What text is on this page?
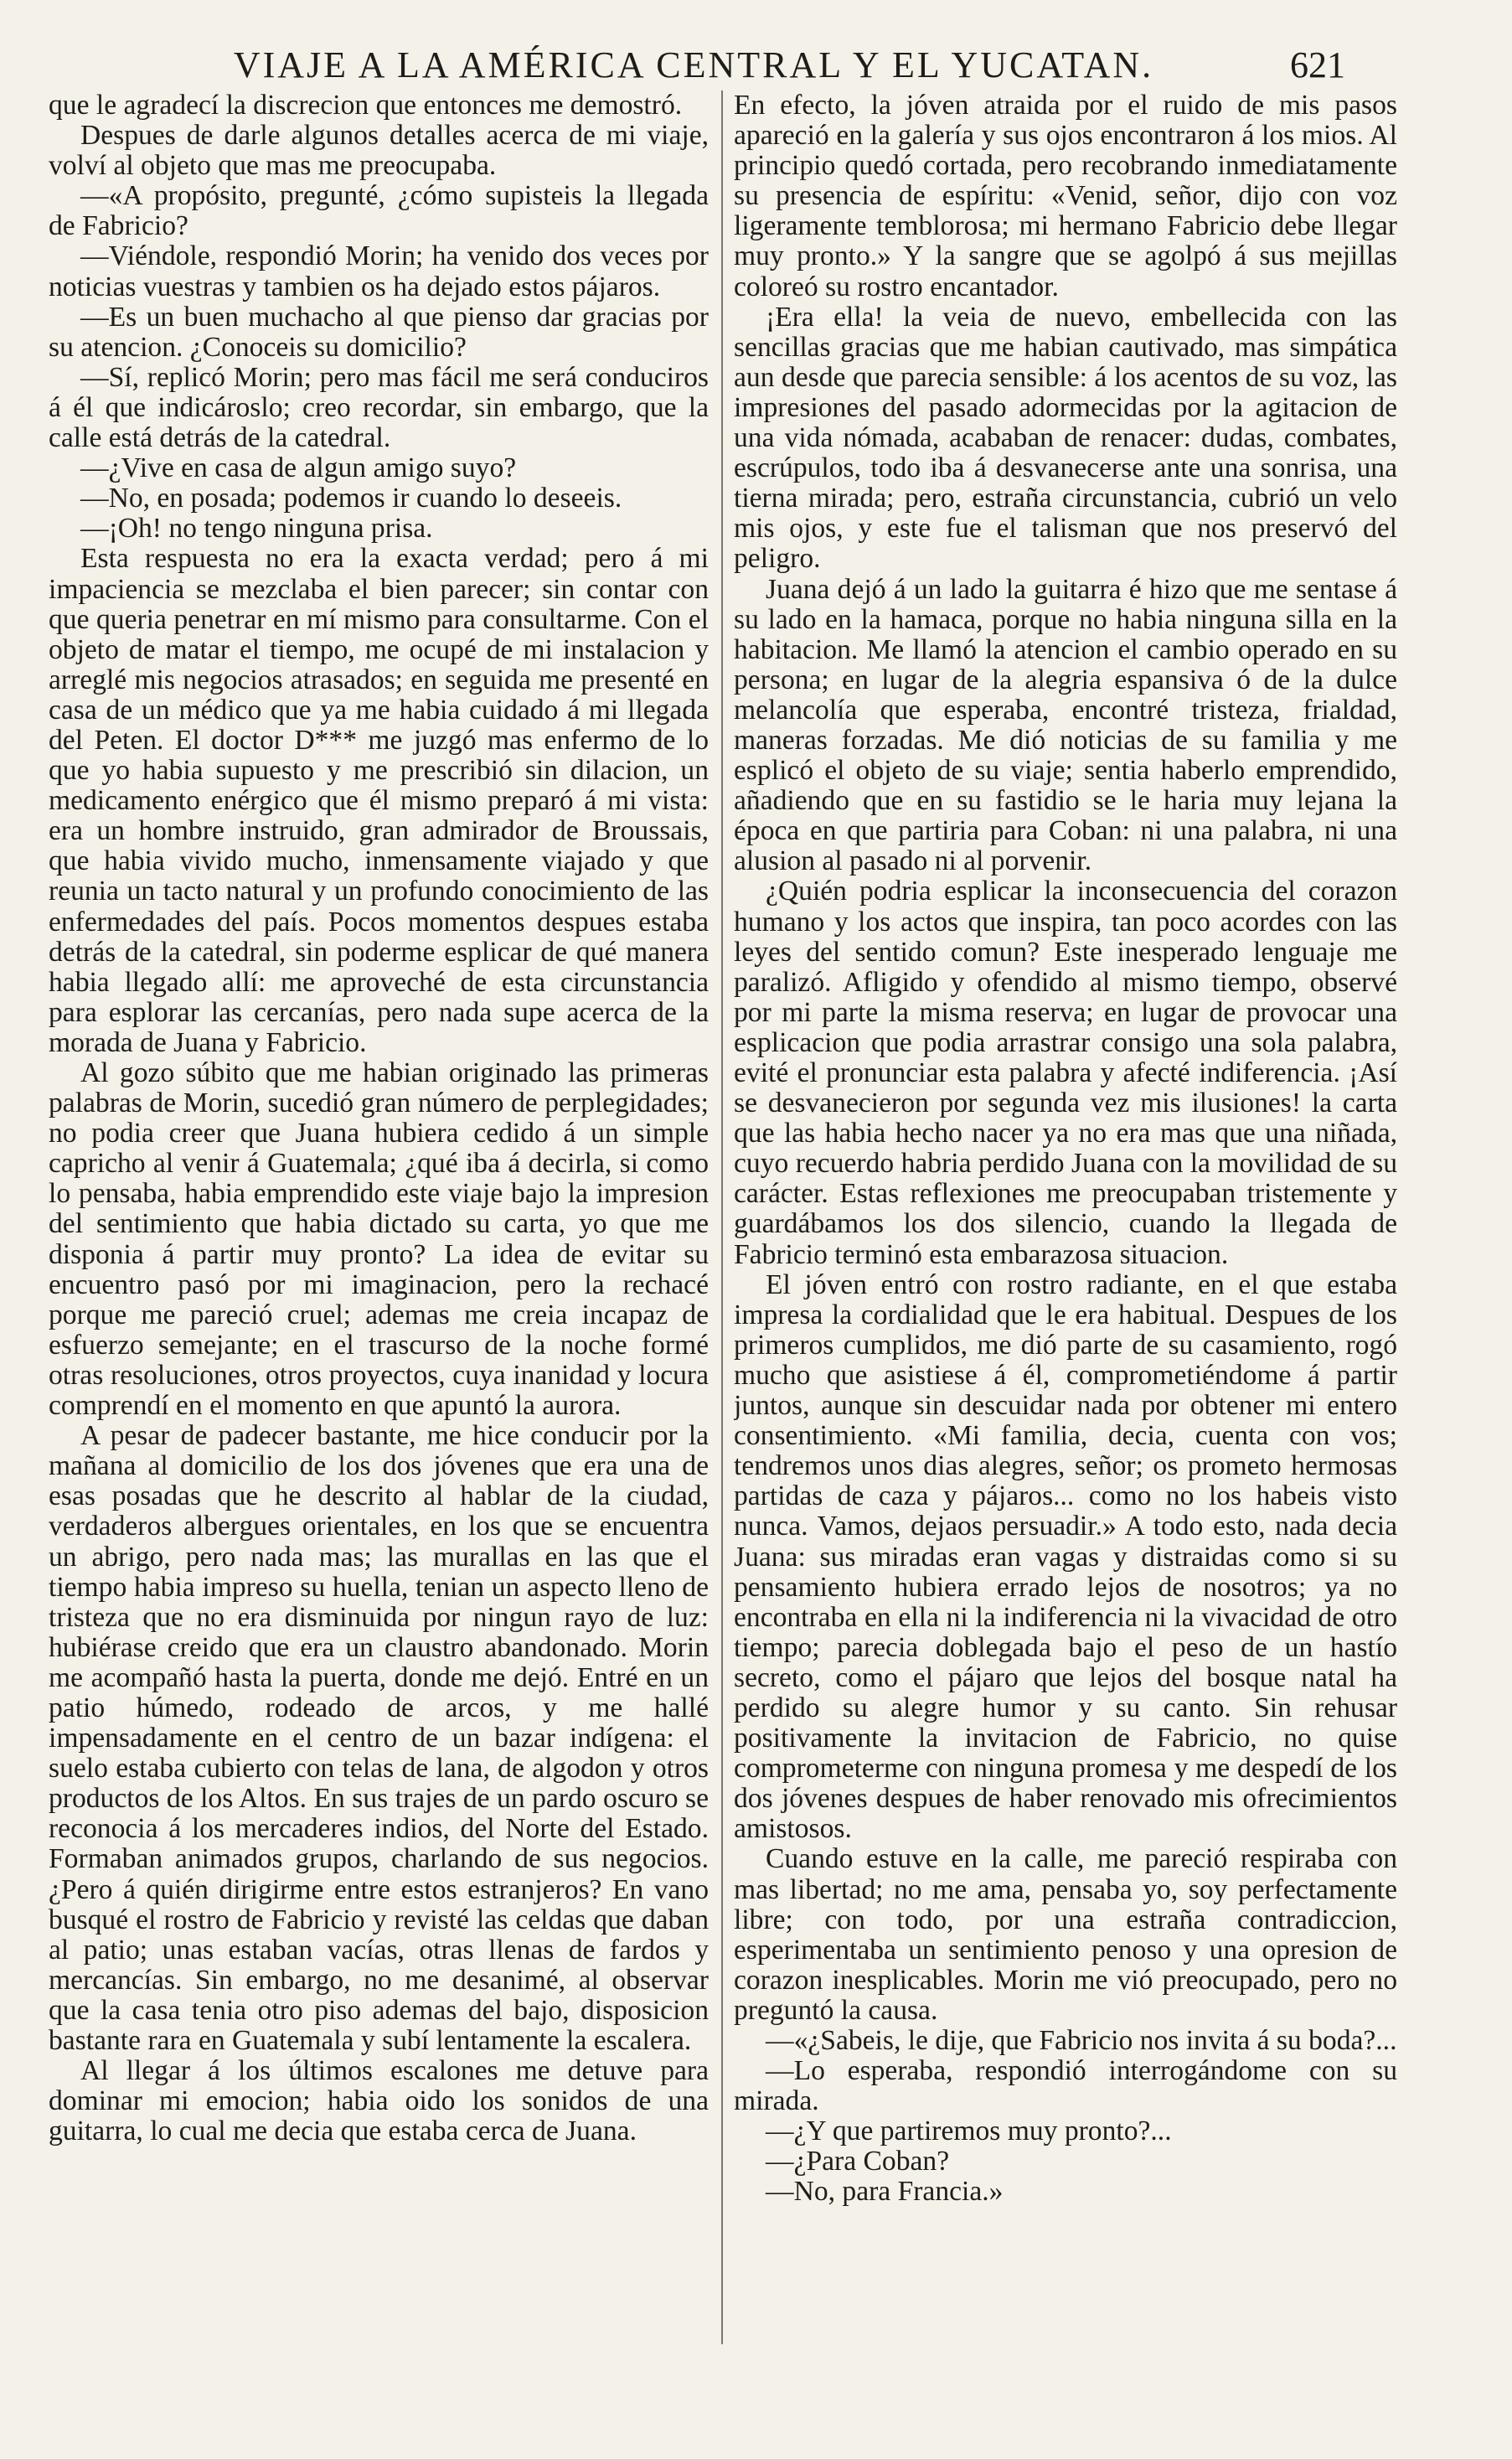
VIAJE A LA AMÉRICA CENTRAL Y EL YUCATAN.	621

que le agradecí la discrecion que entonces me demostró.

Despues de darle algunos detalles acerca de mi viaje, volví al objeto que mas me preocupaba.

—«A propósito, pregunté, ¿cómo supisteis la llegada de Fabricio?

—Viéndole, respondió Morin; ha venido dos veces por noticias vuestras y tambien os ha dejado estos pájaros.

—Es un buen muchacho al que pienso dar gracias por su atencion. ¿Conoceis su domicilio?

—Sí, replicó Morin; pero mas fácil me será conduciros á él que indicároslo; creo recordar, sin embargo, que la calle está detrás de la catedral.

—¿Vive en casa de algun amigo suyo?

—No, en posada; podemos ir cuando lo deseeis.

—¡Oh! no tengo ninguna prisa.

Esta respuesta no era la exacta verdad; pero á mi impaciencia se mezclaba el bien parecer; sin contar con que queria penetrar en mí mismo para consultarme. Con el objeto de matar el tiempo, me ocupé de mi instalacion y arreglé mis negocios atrasados; en seguida me presenté en casa de un médico que ya me habia cuidado á mi llegada del Peten. El doctor D*** me juzgó mas enfermo de lo que yo habia supuesto y me prescribió sin dilacion, un medicamento enérgico que él mismo preparó á mi vista: era un hombre instruido, gran admirador de Broussais, que habia vivido mucho, inmensamente viajado y que reunia un tacto natural y un profundo conocimiento de las enfermedades del país. Pocos momentos despues estaba detrás de la catedral, sin poderme esplicar de qué manera habia llegado allí: me aproveché de esta circunstancia para esplorar las cercanías, pero nada supe acerca de la morada de Juana y Fabricio.

Al gozo súbito que me habian originado las primeras palabras de Morin, sucedió gran número de perplegidades; no podia creer que Juana hubiera cedido á un simple capricho al venir á Guatemala; ¿qué iba á decirla, si como lo pensaba, habia emprendido este viaje bajo la impresion del sentimiento que habia dictado su carta, yo que me disponia á partir muy pronto? La idea de evitar su encuentro pasó por mi imaginacion, pero la rechacé porque me pareció cruel; ademas me creia incapaz de esfuerzo semejante; en el trascurso de la noche formé otras resoluciones, otros proyectos, cuya inanidad y locura comprendí en el momento en que apuntó la aurora.

A pesar de padecer bastante, me hice conducir por la mañana al domicilio de los dos jóvenes que era una de esas posadas que he descrito al hablar de la ciudad, verdaderos albergues orientales, en los que se encuentra un abrigo, pero nada mas; las murallas en las que el tiempo habia impreso su huella, tenian un aspecto lleno de tristeza que no era disminuida por ningun rayo de luz: hubiérase creido que era un claustro abandonado. Morin me acompañó hasta la puerta, donde me dejó. Entré en un patio húmedo, rodeado de arcos, y me hallé impensadamente en el centro de un bazar indígena: el suelo estaba cubierto con telas de lana, de algodon y otros productos de los Altos. En sus trajes de un pardo oscuro se reconocia á los mercaderes indios, del Norte del Estado. Formaban animados grupos, charlando de sus negocios. ¿Pero á quién dirigirme entre estos estranjeros? En vano busqué el rostro de Fabricio y revisté las celdas que daban al patio; unas estaban vacías, otras llenas de fardos y mercancías. Sin embargo, no me desanimé, al observar que la casa tenia otro piso ademas del bajo, disposicion bastante rara en Guatemala y subí lentamente la escalera.

Al llegar á los últimos escalones me detuve para dominar mi emocion; habia oido los sonidos de una guitarra, lo cual me decia que estaba cerca de Juana.

En efecto, la jóven atraida por el ruido de mis pasos apareció en la galería y sus ojos encontraron á los mios. Al principio quedó cortada, pero recobrando inmediatamente su presencia de espíritu: «Venid, señor, dijo con voz ligeramente temblorosa; mi hermano Fabricio debe llegar muy pronto.» Y la sangre que se agolpó á sus mejillas coloreó su rostro encantador.

¡Era ella! la veia de nuevo, embellecida con las sencillas gracias que me habian cautivado, mas simpática aun desde que parecia sensible: á los acentos de su voz, las impresiones del pasado adormecidas por la agitacion de una vida nómada, acababan de renacer: dudas, combates, escrúpulos, todo iba á desvanecerse ante una sonrisa, una tierna mirada; pero, estraña circunstancia, cubrió un velo mis ojos, y este fue el talisman que nos preservó del peligro.

Juana dejó á un lado la guitarra é hizo que me sentase á su lado en la hamaca, porque no habia ninguna silla en la habitacion. Me llamó la atencion el cambio operado en su persona; en lugar de la alegria espansiva ó de la dulce melancolía que esperaba, encontré tristeza, frialdad, maneras forzadas. Me dió noticias de su familia y me esplicó el objeto de su viaje; sentia haberlo emprendido, añadiendo que en su fastidio se le haria muy lejana la época en que partiria para Coban: ni una palabra, ni una alusion al pasado ni al porvenir.

¿Quién podria esplicar la inconsecuencia del corazon humano y los actos que inspira, tan poco acordes con las leyes del sentido comun? Este inesperado lenguaje me paralizó. Afligido y ofendido al mismo tiempo, observé por mi parte la misma reserva; en lugar de provocar una esplicacion que podia arrastrar consigo una sola palabra, evité el pronunciar esta palabra y afecté indiferencia. ¡Así se desvanecieron por segunda vez mis ilusiones! la carta que las habia hecho nacer ya no era mas que una niñada, cuyo recuerdo habria perdido Juana con la movilidad de su carácter. Estas reflexiones me preocupaban tristemente y guardábamos los dos silencio, cuando la llegada de Fabricio terminó esta embarazosa situacion.

El jóven entró con rostro radiante, en el que estaba impresa la cordialidad que le era habitual. Despues de los primeros cumplidos, me dió parte de su casamiento, rogó mucho que asistiese á él, comprometiéndome á partir juntos, aunque sin descuidar nada por obtener mi entero consentimiento. «Mi familia, decia, cuenta con vos; tendremos unos dias alegres, señor; os prometo hermosas partidas de caza y pájaros... como no los habeis visto nunca. Vamos, dejaos persuadir.» A todo esto, nada decia Juana: sus miradas eran vagas y distraidas como si su pensamiento hubiera errado lejos de nosotros; ya no encontraba en ella ni la indiferencia ni la vivacidad de otro tiempo; parecia doblegada bajo el peso de un hastío secreto, como el pájaro que lejos del bosque natal ha perdido su alegre humor y su canto. Sin rehusar positivamente la invitacion de Fabricio, no quise comprometerme con ninguna promesa y me despedí de los dos jóvenes despues de haber renovado mis ofrecimientos amistosos.

Cuando estuve en la calle, me pareció respiraba con mas libertad; no me ama, pensaba yo, soy perfectamente libre; con todo, por una estraña contradiccion, esperimentaba un sentimiento penoso y una opresion de corazon inesplicables. Morin me vió preocupado, pero no preguntó la causa.

—«¿Sabeis, le dije, que Fabricio nos invita á su boda?...

—Lo esperaba, respondió interrogándome con su mirada.

—¿Y que partiremos muy pronto?...

—¿Para Coban?

—No, para Francia.»
